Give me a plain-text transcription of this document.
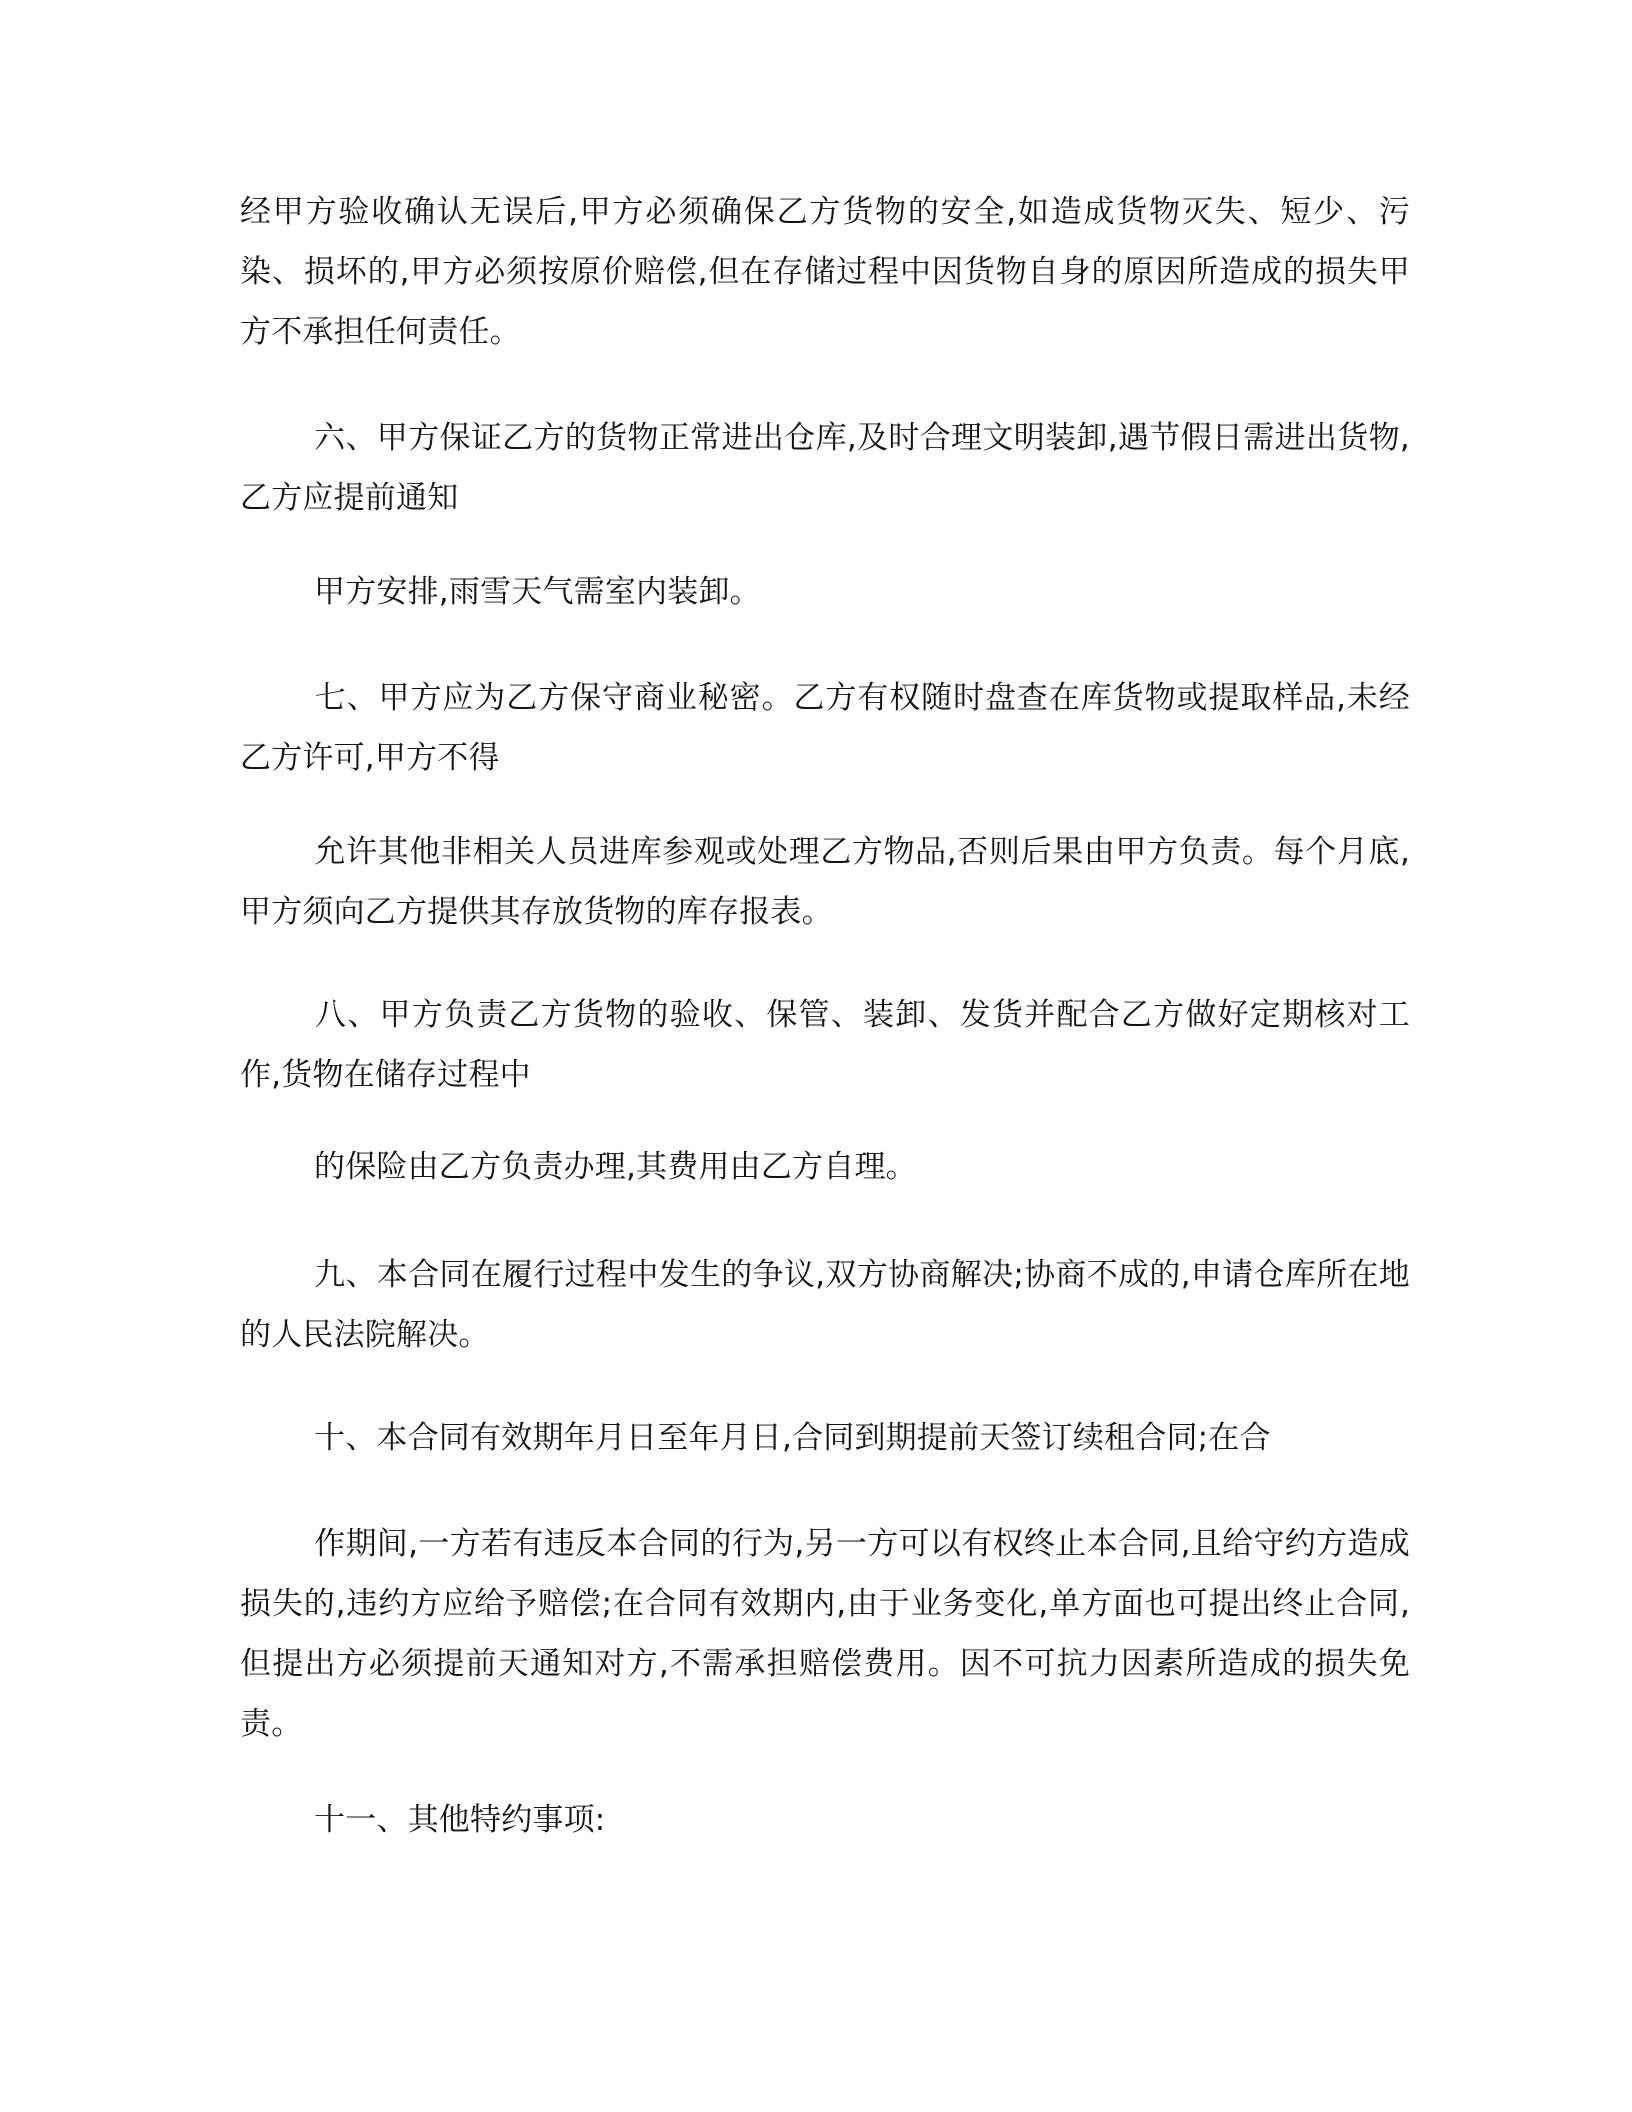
经甲方验收确认无误后,甲方必须确保乙方货物的安全,如造成货物灭失、短少、污染、损坏的,甲方必须按原价赔偿,但在存储过程中因货物自身的原因所造成的损失甲方不承担任何责任。

六、甲方保证乙方的货物正常进出仓库,及时合理文明装卸,遇节假日需进出货物,乙方应提前通知

甲方安排,雨雪天气需室内装卸。

七、甲方应为乙方保守商业秘密。乙方有权随时盘查在库货物或提取样品,未经乙方许可,甲方不得

允许其他非相关人员进库参观或处理乙方物品,否则后果由甲方负责。每个月底,甲方须向乙方提供其存放货物的库存报表。

八、甲方负责乙方货物的验收、保管、装卸、发货并配合乙方做好定期核对工作,货物在储存过程中

的保险由乙方负责办理,其费用由乙方自理。

九、本合同在履行过程中发生的争议,双方协商解决;协商不成的,申请仓库所在地的人民法院解决。

十、本合同有效期年月日至年月日,合同到期提前天签订续租合同;在合

作期间,一方若有违反本合同的行为,另一方可以有权终止本合同,且给守约方造成损失的,违约方应给予赔偿;在合同有效期内,由于业务变化,单方面也可提出终止合同,但提出方必须提前天通知对方,不需承担赔偿费用。因不可抗力因素所造成的损失免责。

十一、其他特约事项:
